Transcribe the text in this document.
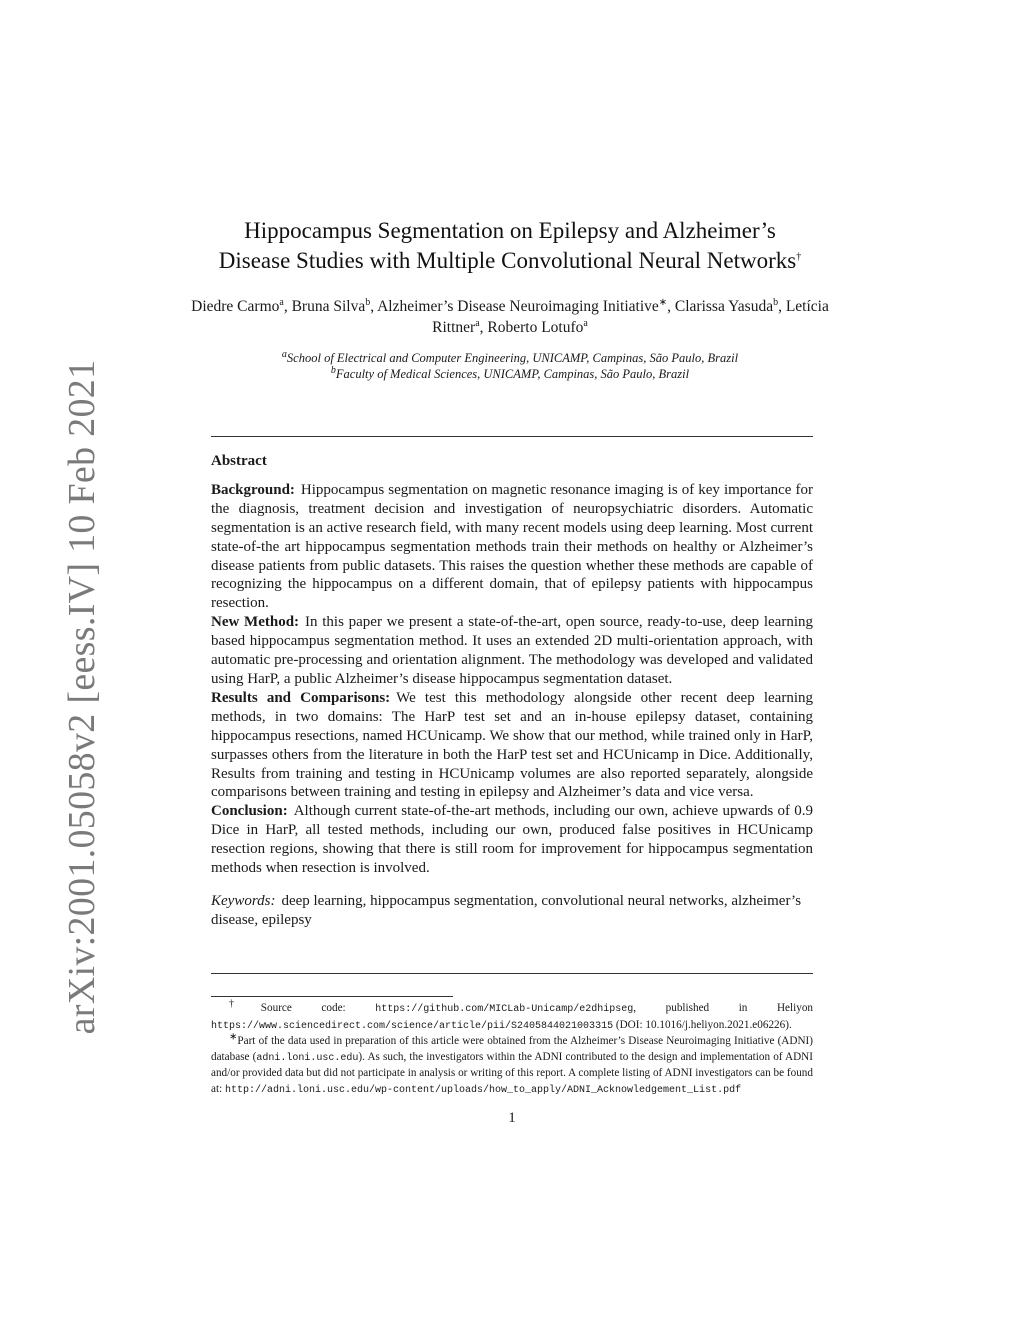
arXiv:2001.05058v2 [eess.IV] 10 Feb 2021
Hippocampus Segmentation on Epilepsy and Alzheimer’s
Disease Studies with Multiple Convolutional Neural Networks†
Diedre Carmo$^a$, Bruna Silva$^b$, Alzheimer’s Disease Neuroimaging Initiative∗, Clarissa Yasuda$^b$, Letícia Rittner$^a$, Roberto Lotufo$^a$
$^a$School of Electrical and Computer Engineering, UNICAMP, Campinas, São Paulo, Brazil
$^b$Faculty of Medical Sciences, UNICAMP, Campinas, São Paulo, Brazil
Abstract

Background: Hippocampus segmentation on magnetic resonance imaging is of key importance for the diagnosis, treatment decision and investigation of neuropsychiatric disorders. Automatic segmentation is an active research field, with many recent models using deep learning. Most current state-of-the art hippocampus segmentation methods train their methods on healthy or Alzheimer’s disease patients from public datasets. This raises the question whether these methods are capable of recognizing the hippocampus on a different domain, that of epilepsy patients with hippocampus resection.

New Method: In this paper we present a state-of-the-art, open source, ready-to-use, deep learning based hippocampus segmentation method. It uses an extended 2D multi-orientation approach, with automatic pre-processing and orientation alignment. The methodology was developed and validated using HarP, a public Alzheimer’s disease hippocampus segmentation dataset.

Results and Comparisons: We test this methodology alongside other recent deep learning methods, in two domains: The HarP test set and an in-house epilepsy dataset, containing hippocampus resections, named HCUnicamp. We show that our method, while trained only in HarP, surpasses others from the literature in both the HarP test set and HCUnicamp in Dice. Additionally, Results from training and testing in HCUnicamp volumes are also reported separately, alongside comparisons between training and testing in epilepsy and Alzheimer’s data and vice versa.

Conclusion: Although current state-of-the-art methods, including our own, achieve upwards of 0.9 Dice in HarP, all tested methods, including our own, produced false positives in HCUnicamp resection regions, showing that there is still room for improvement for hippocampus segmentation methods when resection is involved.

Keywords: deep learning, hippocampus segmentation, convolutional neural networks, alzheimer’s disease, epilepsy

†Source code: https://github.com/MICLab-Unicamp/e2dhipseg, published in Heliyon https://www.sciencedirect.com/science/article/pii/S2405844021003315 (DOI: 10.1016/j.heliyon.2021.e06226).

∗Part of the data used in preparation of this article were obtained from the Alzheimer’s Disease Neuroimaging Initiative (ADNI) database (adni.loni.usc.edu). As such, the investigators within the ADNI contributed to the design and implementation of ADNI and/or provided data but did not participate in analysis or writing of this report. A complete listing of ADNI investigators can be found at: http://adni.loni.usc.edu/wp-content/uploads/how_to_apply/ADNI_Acknowledgement_List.pdf

1
